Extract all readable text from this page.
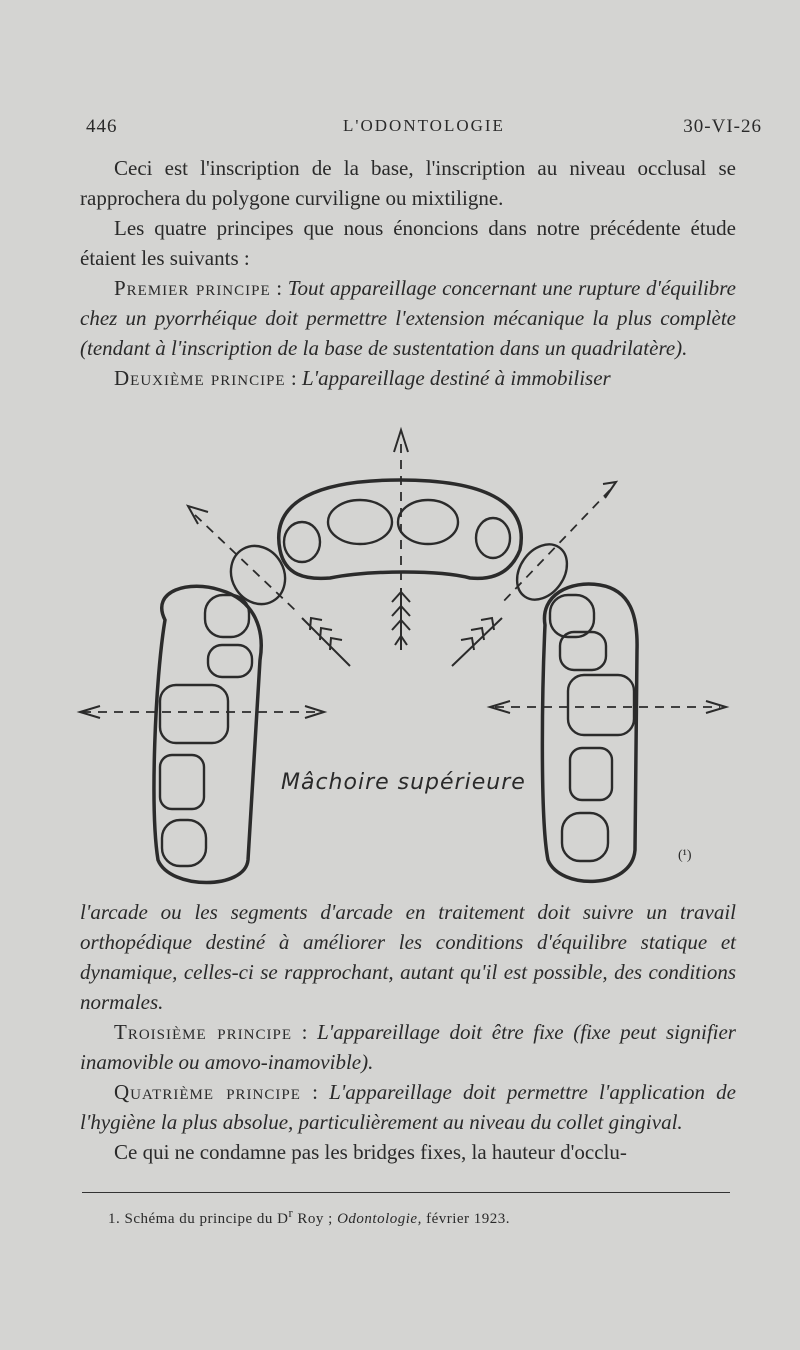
446	L'ODONTOLOGIE	30-VI-26

Ceci est l'inscription de la base, l'inscription au niveau occlusal se rapprochera du polygone curviligne ou mixtiligne.

Les quatre principes que nous énoncions dans notre précédente étude étaient les suivants :

Premier principe : Tout appareillage concernant une rupture d'équilibre chez un pyorrhéique doit permettre l'extension mécanique la plus complète (tendant à l'inscription de la base de sustentation dans un quadrilatère).

Deuxième principe : L'appareillage destiné à immobiliser

Mâchoire supérieure
(¹)

l'arcade ou les segments d'arcade en traitement doit suivre un travail orthopédique destiné à améliorer les conditions d'équilibre statique et dynamique, celles-ci se rapprochant, autant qu'il est possible, des conditions normales.

Troisième principe : L'appareillage doit être fixe (fixe peut signifier inamovible ou amovo-inamovible).

Quatrième principe : L'appareillage doit permettre l'application de l'hygiène la plus absolue, particulièrement au niveau du collet gingival.

Ce qui ne condamne pas les bridges fixes, la hauteur d'occlu-

1. Schéma du principe du $D^r$ Roy ; Odontologie, février 1923.
